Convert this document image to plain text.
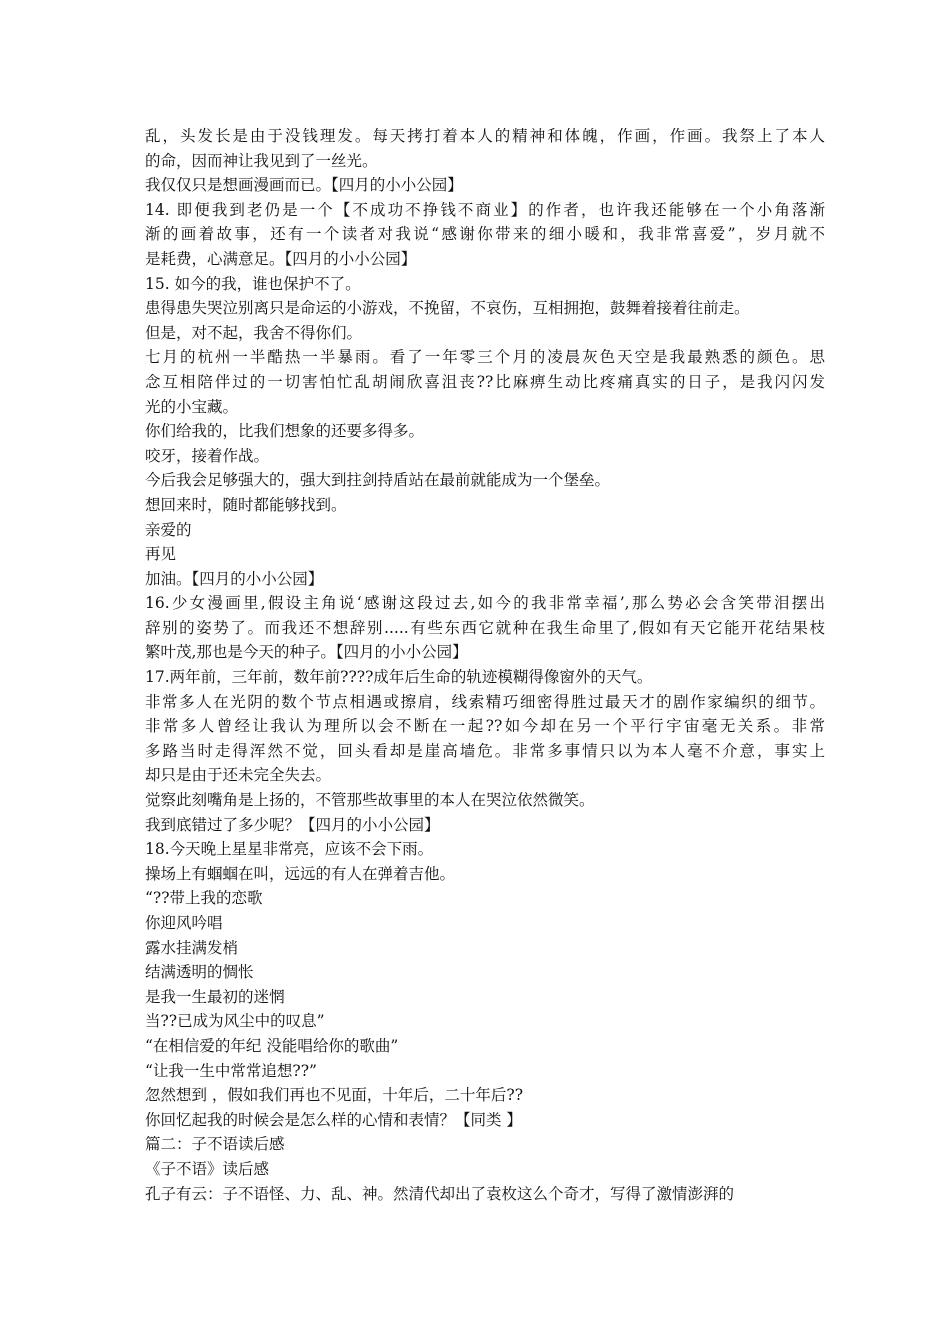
乱，头发长是由于没钱理发。每天拷打着本人的精神和体魄，作画，作画。我祭上了本人
的命，因而神让我见到了一丝光。
我仅仅只是想画漫画而已。【四月的小小公园】
14. 即便我到老仍是一个【不成功不挣钱不商业】的作者，也许我还能够在一个小角落渐
渐的画着故事，还有一个读者对我说“感谢你带来的细小暖和，我非常喜爱”，岁月就不
是耗费，心满意足。【四月的小小公园】
15. 如今的我，谁也保护不了。
患得患失哭泣别离只是命运的小游戏，不挽留，不哀伤，互相拥抱，鼓舞着接着往前走。
但是，对不起，我舍不得你们。
七月的杭州一半酷热一半暴雨。看了一年零三个月的凌晨灰色天空是我最熟悉的颜色。思
念互相陪伴过的一切害怕忙乱胡闹欣喜沮丧??比麻痹生动比疼痛真实的日子，是我闪闪发
光的小宝藏。
你们给我的，比我们想象的还要多得多。
咬牙，接着作战。
今后我会足够强大的，强大到拄剑持盾站在最前就能成为一个堡垒。
想回来时，随时都能够找到。
亲爱的
再见
加油。【四月的小小公园】
16.少女漫画里,假设主角说‘感谢这段过去,如今的我非常幸福’,那么势必会含笑带泪摆出
辞别的姿势了。而我还不想辞别.....有些东西它就种在我生命里了,假如有天它能开花结果枝
繁叶茂,那也是今天的种子。【四月的小小公园】
17.两年前，三年前，数年前????成年后生命的轨迹模糊得像窗外的天气。
非常多人在光阴的数个节点相遇或擦肩，线索精巧细密得胜过最天才的剧作家编织的细节。
非常多人曾经让我认为理所以会不断在一起??如今却在另一个平行宇宙毫无关系。非常
多路当时走得浑然不觉，回头看却是崖高墙危。非常多事情只以为本人毫不介意，事实上
却只是由于还未完全失去。
觉察此刻嘴角是上扬的，不管那些故事里的本人在哭泣依然微笑。
我到底错过了多少呢？【四月的小小公园】
18.今天晚上星星非常亮，应该不会下雨。
操场上有蝈蝈在叫，远远的有人在弹着吉他。
“??带上我的恋歌
你迎风吟唱
露水挂满发梢
结满透明的惆怅
是我一生最初的迷惘
当??已成为风尘中的叹息”
“在相信爱的年纪 没能唱给你的歌曲”
“让我一生中常常追想??”
忽然想到 ，假如我们再也不见面，十年后，二十年后??
你回忆起我的时候会是怎么样的心情和表情？【同类 】
篇二：子不语读后感
《子不语》读后感
孔子有云：子不语怪、力、乱、神。然清代却出了袁枚这么个奇才，写得了激情澎湃的
